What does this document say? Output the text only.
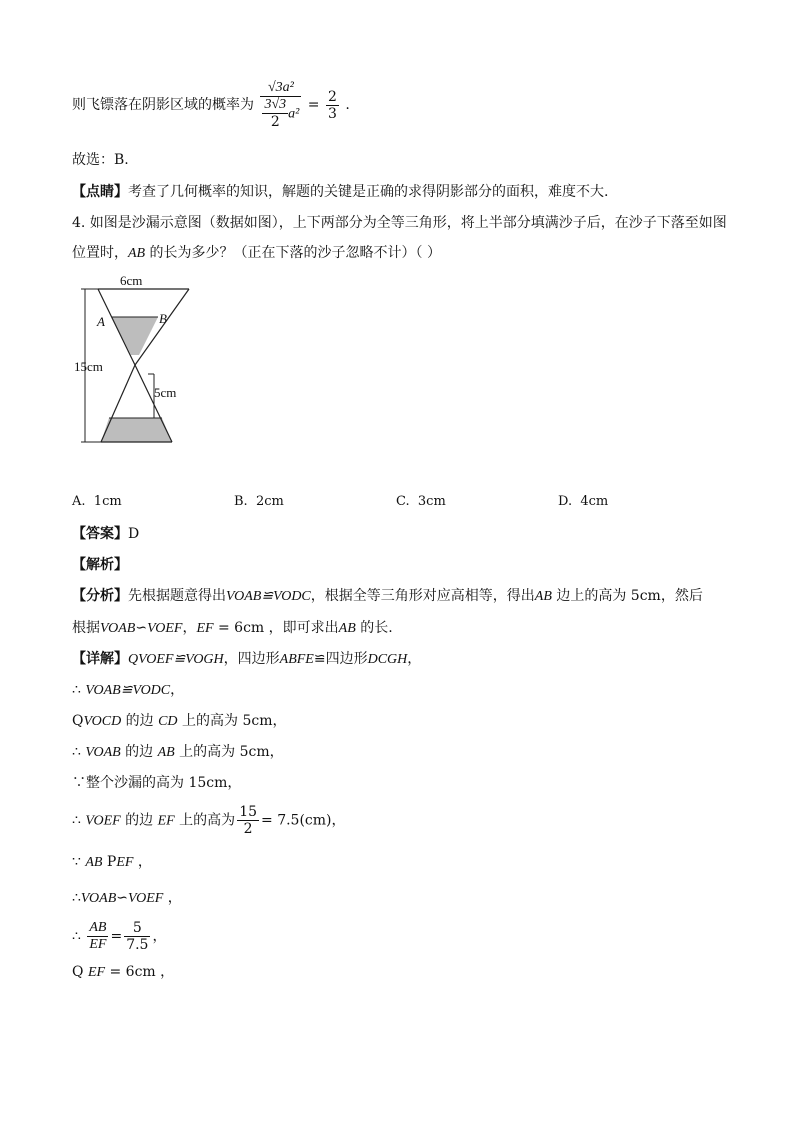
则飞镖落在阴影区域的概率为 $\frac{\text{√3a²}}{\frac{3√3}{2} a^2} = \frac{2}{3}$ .
故选：B.
【点睛】考查了几何概率的知识，解题的关键是正确的求得阴影部分的面积，难度不大.
4. 如图是沙漏示意图（数据如图），上下两部分为全等三角形，将上半部分填满沙子后，在沙子下落至如图
位置时，AB 的长为多少？（正在下落的沙子忽略不计）（ ）
6cm
A	B
15cm
5cm
A. 1cm	B. 2cm	C. 3cm	D. 4cm
【答案】D
【解析】
【分析】先根据题意得出VOAB≌VODC，根据全等三角形对应高相等，得出AB 边上的高为 5cm，然后
根据VOAB∽VOEF，EF = 6cm ，即可求出AB 的长.
【详解】QVOEF≌VOGH，四边形ABFE≌四边形DCGH，
∴ VOAB≌VODC，
QVOCD 的边 CD 上的高为 5cm，
∴ VOAB 的边 AB 上的高为 5cm，
∵整个沙漏的高为 15cm，
∴ VOEF 的边 EF 上的高为 $\frac{15}{2} = 7.5(cm)$，
∵ AB PEF ，
∴VOAB∽VOEF ，
∴ $\frac{AB}{EF} = \frac{5}{7.5}$ ，
Q EF = 6cm ，
